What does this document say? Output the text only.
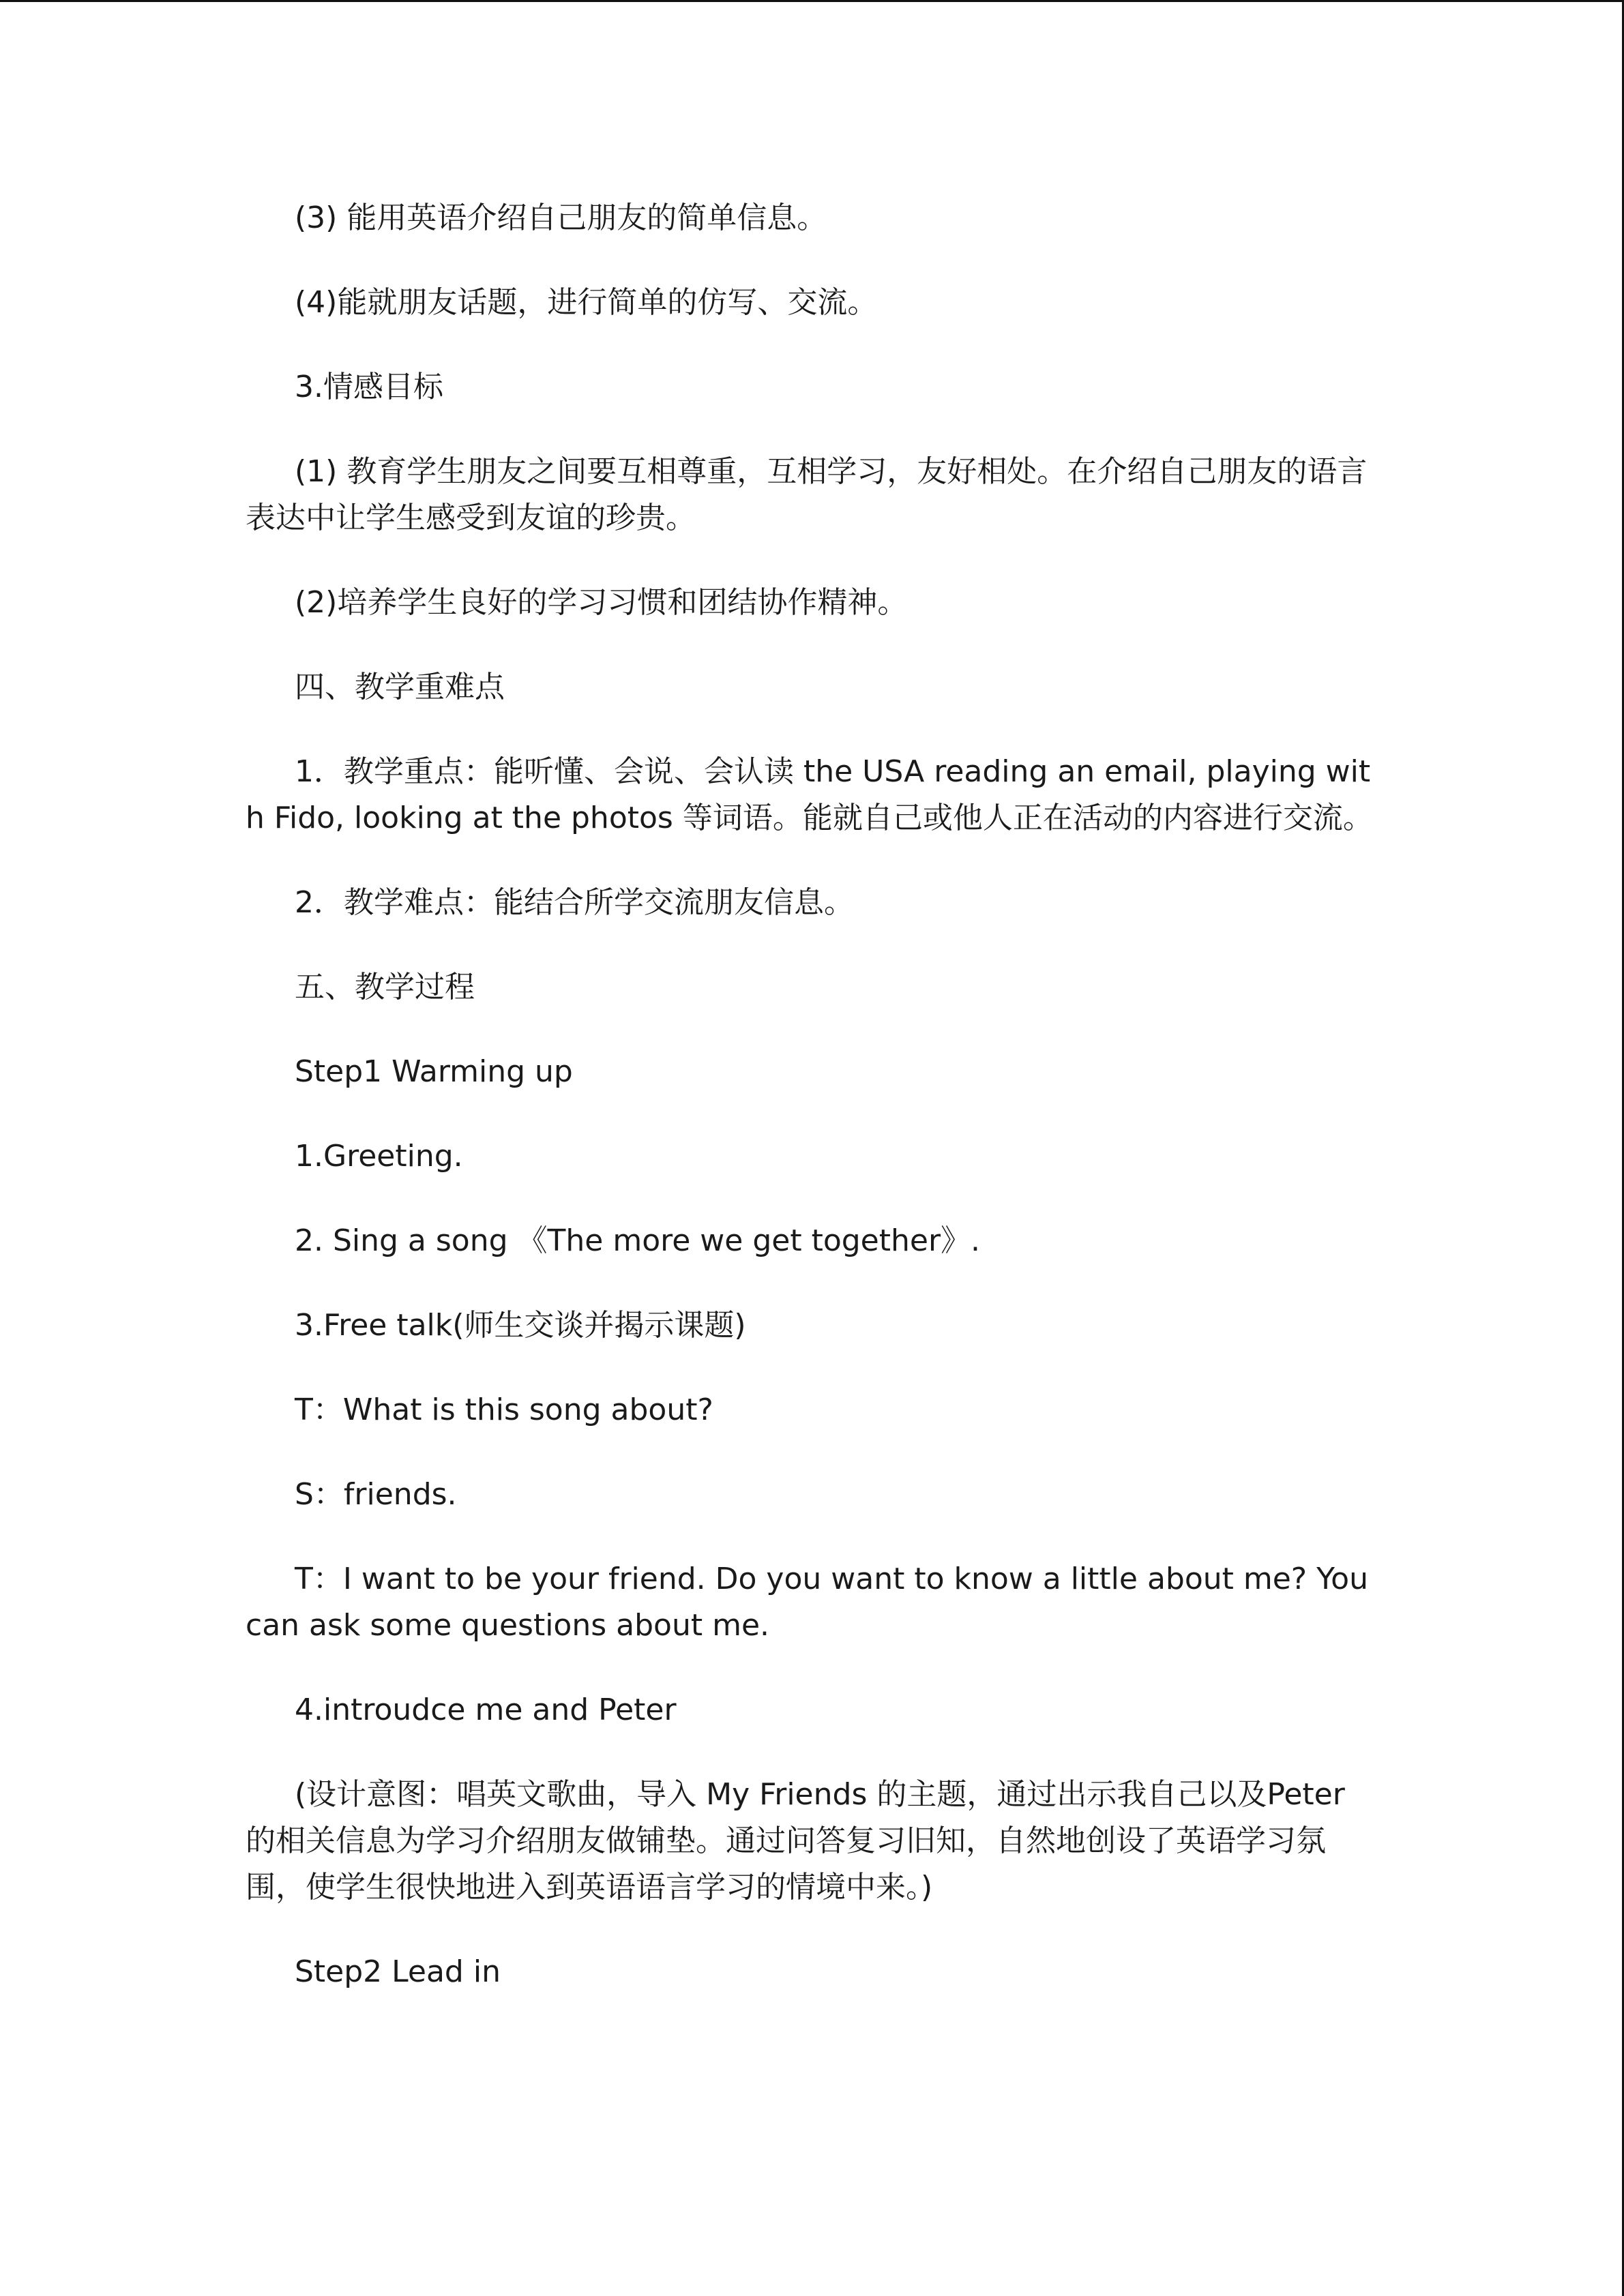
(3) 能用英语介绍自己朋友的简单信息。

(4)能就朋友话题，进行简单的仿写、交流。

3.情感目标

(1) 教育学生朋友之间要互相尊重，互相学习，友好相处。在介绍自己朋友的语言表达中让学生感受到友谊的珍贵。

(2)培养学生良好的学习习惯和团结协作精神。

四、教学重难点

1．教学重点：能听懂、会说、会认读 the USA reading an email, playing with Fido, looking at the photos 等词语。能就自己或他人正在活动的内容进行交流。

2．教学难点：能结合所学交流朋友信息。

五、教学过程

Step1 Warming up

1.Greeting.

2. Sing a song 《The more we get together》.

3.Free talk(师生交谈并揭示课题)

T：What is this song about?

S：friends.

T：I want to be your friend. Do you want to know a little about me? You can ask some questions about me.

4.introudce me and Peter

(设计意图：唱英文歌曲，导入 My Friends 的主题，通过出示我自己以及Peter 的相关信息为学习介绍朋友做铺垫。通过问答复习旧知，自然地创设了英语学习氛围，使学生很快地进入到英语语言学习的情境中来。)

Step2 Lead in
